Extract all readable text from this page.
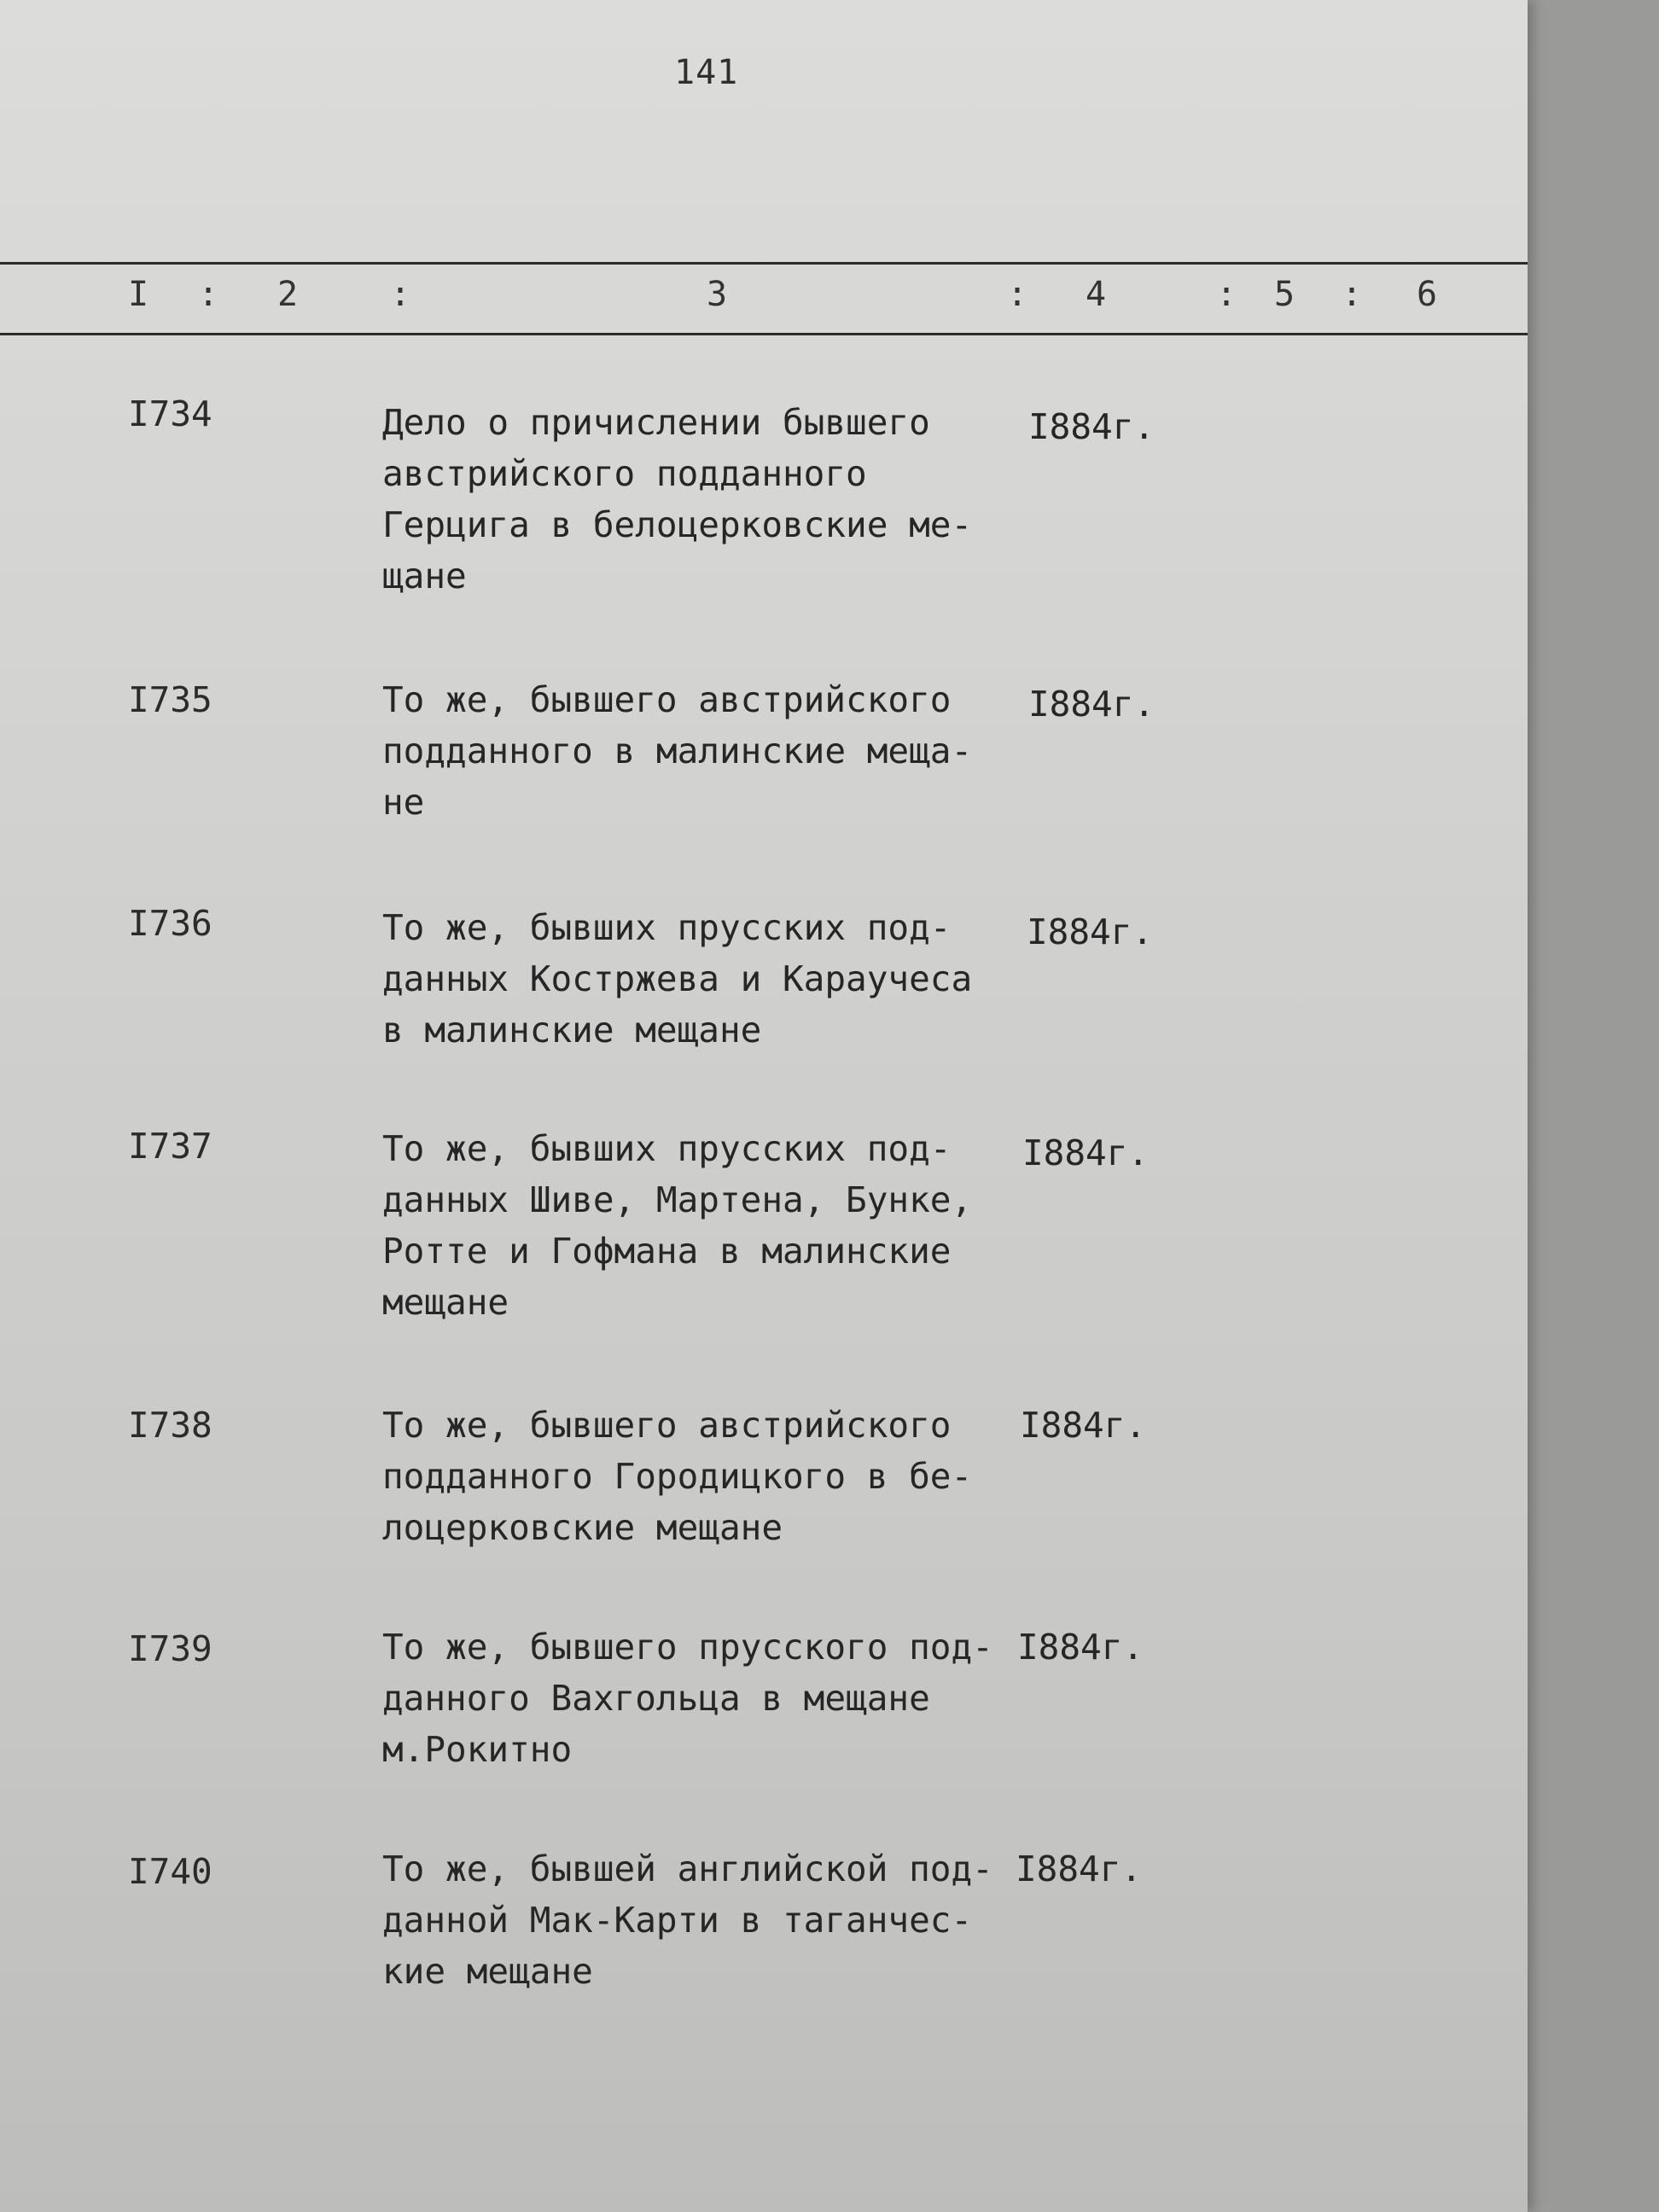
141
I : 2	:	3	: 4	: 5 : 6
I734	Дело о причислении бывшего
австрийского подданного
Герцига в белоцерковские ме-
щане
I884г.
I735	То же, бывшего австрийского
подданного в малинские меща-
не
I884г.
I736	То же, бывших прусских под-
данных Костржева и Карaучеса
в малинские мещане
I884г.
I737	То же, бывших прусских под-
данных Шиве, Мартена, Бунке,
Ротте и Гофмана в малинские
мещане
I884г.
I738	То же, бывшего австрийского
подданного Городицкого в бе-
лоцерковские мещане
I884г.
I739	То же, бывшего прусского под-
данного Вахгольца в мещане
м.Рокитно
I884г.
I740	То же, бывшей английской под-
данной Мак-Карти в таганчес-
кие мещане
I884г.
